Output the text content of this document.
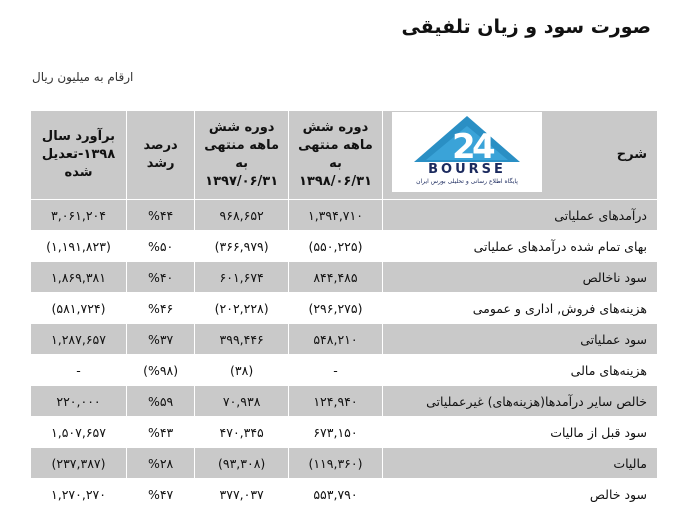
صورت سود و زیان تلفیقی
ارقام به میلیون ریال
شرح	دوره شش ماهه منتهی به ۱۳۹۸/۰۶/۳۱	دوره شش ماهه منتهی به ۱۳۹۷/۰۶/۳۱	درصد رشد	برآورد سال ۱۳۹۸-تعدیل شده
درآمدهای عملیاتی	۱,۳۹۴,۷۱۰	۹۶۸,۶۵۲	%۴۴	۳,۰۶۱,۲۰۴
بهای تمام شده درآمدهای عملیاتی	(۵۵۰,۲۲۵)	(۳۶۶,۹۷۹)	%۵۰	(۱,۱۹۱,۸۲۳)
سود ناخالص	۸۴۴,۴۸۵	۶۰۱,۶۷۴	%۴۰	۱,۸۶۹,۳۸۱
هزینه‌های فروش, اداری و عمومی	(۲۹۶,۲۷۵)	(۲۰۲,۲۲۸)	%۴۶	(۵۸۱,۷۲۴)
سود عملیاتی	۵۴۸,۲۱۰	۳۹۹,۴۴۶	%۳۷	۱,۲۸۷,۶۵۷
هزینه‌های مالی	-	(۳۸)	(%۹۸)	-
خالص سایر درآمدها(هزینه‌های) غیرعملیاتی	۱۲۴,۹۴۰	۷۰,۹۳۸	%۵۹	۲۲۰,۰۰۰
سود قبل از مالیات	۶۷۳,۱۵۰	۴۷۰,۳۴۵	%۴۳	۱,۵۰۷,۶۵۷
مالیات	(۱۱۹,۳۶۰)	(۹۳,۳۰۸)	%۲۸	(۲۳۷,۳۸۷)
سود خالص	۵۵۳,۷۹۰	۳۷۷,۰۳۷	%۴۷	۱,۲۷۰,۲۷۰
2
4
BOURSE
پایگاه اطلاع رسانی و تحلیلی بورس ایران
